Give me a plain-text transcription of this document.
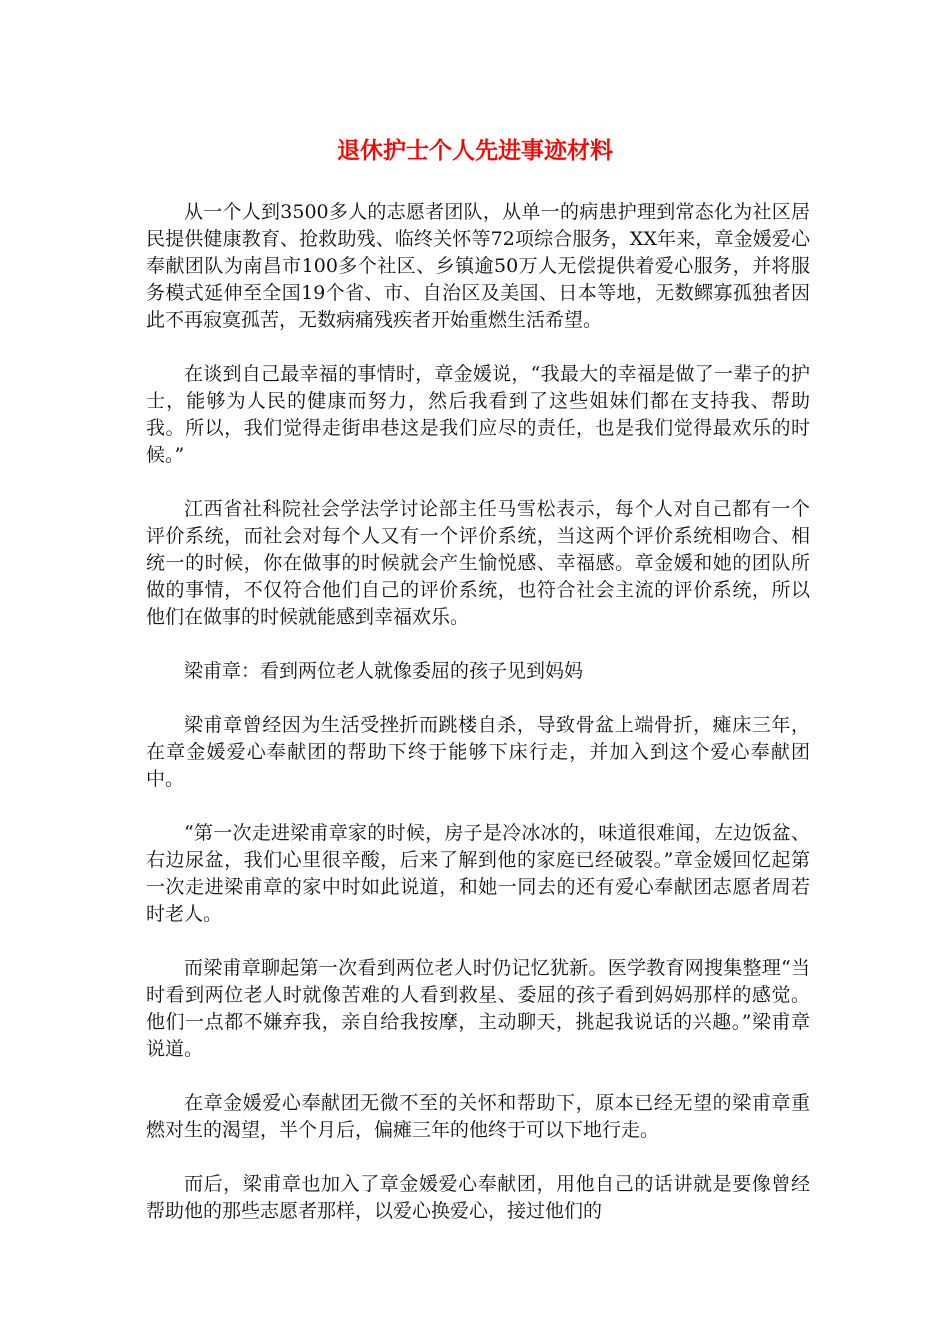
退休护士个人先进事迹材料

从一个人到3500多人的志愿者团队，从单一的病患护理到常态化为社区居民提供健康教育、抢救助残、临终关怀等72项综合服务，XX年来，章金媛爱心奉献团队为南昌市100多个社区、乡镇逾50万人无偿提供着爱心服务，并将服务模式延伸至全国19个省、市、自治区及美国、日本等地，无数鳏寡孤独者因此不再寂寞孤苦，无数病痛残疾者开始重燃生活希望。

在谈到自己最幸福的事情时，章金媛说，“我最大的幸福是做了一辈子的护士，能够为人民的健康而努力，然后我看到了这些姐妹们都在支持我、帮助我。所以，我们觉得走街串巷这是我们应尽的责任，也是我们觉得最欢乐的时候。”

江西省社科院社会学法学讨论部主任马雪松表示，每个人对自己都有一个评价系统，而社会对每个人又有一个评价系统，当这两个评价系统相吻合、相统一的时候，你在做事的时候就会产生愉悦感、幸福感。章金媛和她的团队所做的事情，不仅符合他们自己的评价系统，也符合社会主流的评价系统，所以他们在做事的时候就能感到幸福欢乐。

梁甫章：看到两位老人就像委屈的孩子见到妈妈

梁甫章曾经因为生活受挫折而跳楼自杀，导致骨盆上端骨折，瘫床三年，在章金媛爱心奉献团的帮助下终于能够下床行走，并加入到这个爱心奉献团中。

“第一次走进梁甫章家的时候，房子是冷冰冰的，味道很难闻，左边饭盆、右边尿盆，我们心里很辛酸，后来了解到他的家庭已经破裂。”章金媛回忆起第一次走进梁甫章的家中时如此说道，和她一同去的还有爱心奉献团志愿者周若时老人。

而梁甫章聊起第一次看到两位老人时仍记忆犹新。医学教育网搜集整理“当时看到两位老人时就像苦难的人看到救星、委屈的孩子看到妈妈那样的感觉。他们一点都不嫌弃我，亲自给我按摩，主动聊天，挑起我说话的兴趣。”梁甫章说道。

在章金媛爱心奉献团无微不至的关怀和帮助下，原本已经无望的梁甫章重燃对生的渴望，半个月后，偏瘫三年的他终于可以下地行走。

而后，梁甫章也加入了章金媛爱心奉献团，用他自己的话讲就是要像曾经帮助他的那些志愿者那样，以爱心换爱心，接过他们的
